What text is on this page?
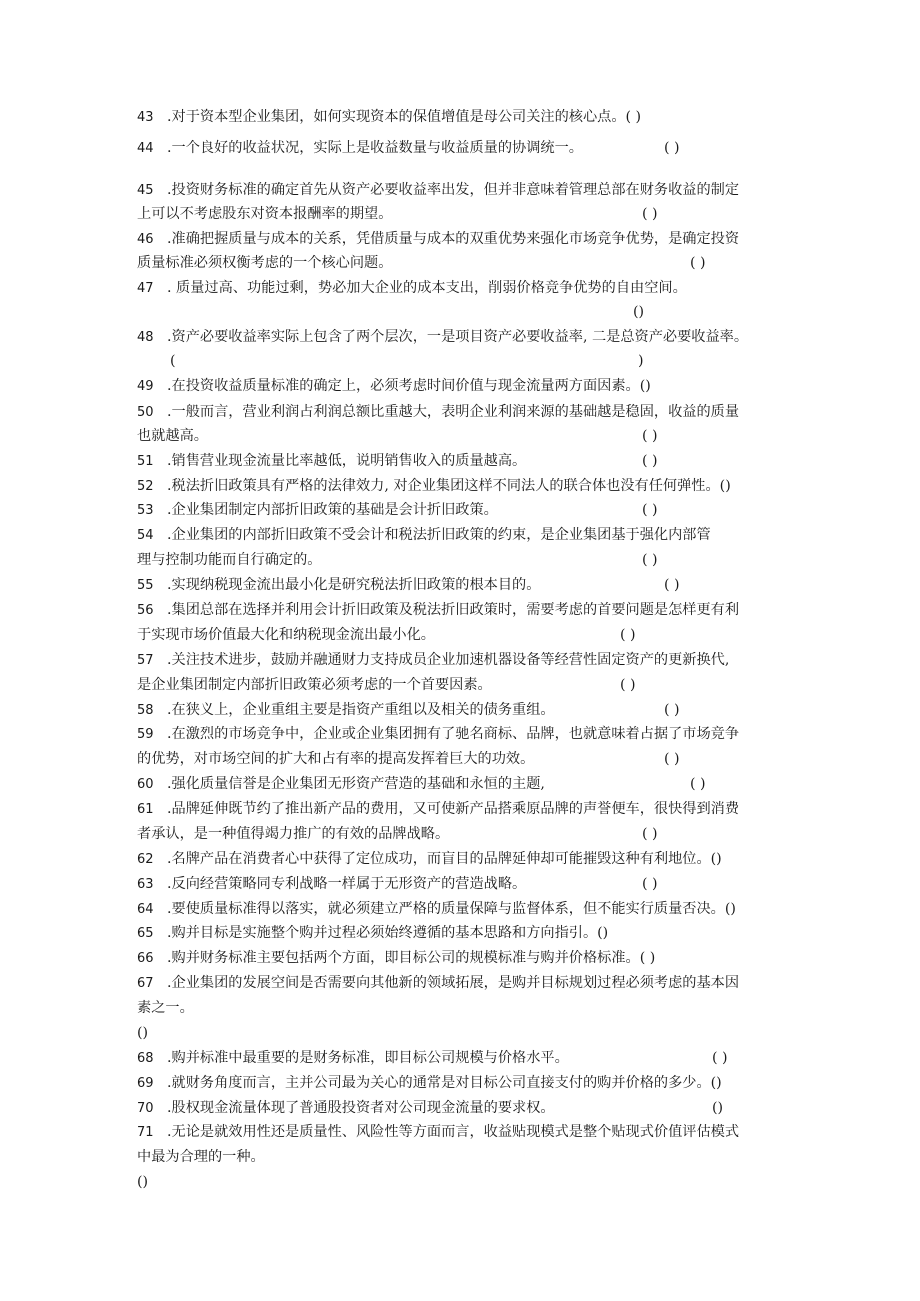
43 .对于资本型企业集团，如何实现资本的保值增值是母公司关注的核心点。( )
44 .一个良好的收益状况，实际上是收益数量与收益质量的协调统一。	( )
45 .投资财务标准的确定首先从资产必要收益率出发，但并非意味着管理总部在财务收益的制定
上可以不考虑股东对资本报酬率的期望。	( )
46 .准确把握质量与成本的关系，凭借质量与成本的双重优势来强化市场竞争优势，是确定投资
质量标准必须权衡考虑的一个核心问题。	( )
47 . 质量过高、功能过剩，势必加大企业的成本支出，削弱价格竞争优势的自由空间。
()
48 .资产必要收益率实际上包含了两个层次，一是项目资产必要收益率, 二是总资产必要收益率。
(	)
49 .在投资收益质量标准的确定上，必须考虑时间价值与现金流量两方面因素。()
50 .一般而言，营业利润占利润总额比重越大，表明企业利润来源的基础越是稳固，收益的质量
也就越高。	( )
51 .销售营业现金流量比率越低，说明销售收入的质量越高。	( )
52 .税法折旧政策具有严格的法律效力, 对企业集团这样不同法人的联合体也没有任何弹性。()
53 .企业集团制定内部折旧政策的基础是会计折旧政策。	( )
54 .企业集团的内部折旧政策不受会计和税法折旧政策的约束，是企业集团基于强化内部管
理与控制功能而自行确定的。	( )
55 .实现纳税现金流出最小化是研究税法折旧政策的根本目的。	( )
56 .集团总部在选择并利用会计折旧政策及税法折旧政策时，需要考虑的首要问题是怎样更有利
于实现市场价值最大化和纳税现金流出最小化。	( )
57 .关注技术进步，鼓励并融通财力支持成员企业加速机器设备等经营性固定资产的更新换代,
是企业集团制定内部折旧政策必须考虑的一个首要因素。	( )
58 .在狭义上，企业重组主要是指资产重组以及相关的债务重组。	( )
59 .在激烈的市场竞争中，企业或企业集团拥有了驰名商标、品牌，也就意味着占据了市场竞争
的优势，对市场空间的扩大和占有率的提高发挥着巨大的功效。	( )
60 .强化质量信誉是企业集团无形资产营造的基础和永恒的主题,	( )
61 .品牌延伸既节约了推出新产品的费用，又可使新产品搭乘原品牌的声誉便车，很快得到消费
者承认，是一种值得竭力推广的有效的品牌战略。	( )
62 .名牌产品在消费者心中获得了定位成功，而盲目的品牌延伸却可能摧毁这种有利地位。()
63 .反向经营策略同专利战略一样属于无形资产的营造战略。	( )
64 .要使质量标准得以落实，就必须建立严格的质量保障与监督体系，但不能实行质量否决。()
65 .购并目标是实施整个购并过程必须始终遵循的基本思路和方向指引。()
66 .购并财务标准主要包括两个方面，即目标公司的规模标准与购并价格标准。( )
67 .企业集团的发展空间是否需要向其他新的领域拓展，是购并目标规划过程必须考虑的基本因
素之一。
()
68 .购并标准中最重要的是财务标准，即目标公司规模与价格水平。	( )
69 .就财务角度而言，主并公司最为关心的通常是对目标公司直接支付的购并价格的多少。()
70 .股权现金流量体现了普通股投资者对公司现金流量的要求权。	()
71 .无论是就效用性还是质量性、风险性等方面而言，收益贴现模式是整个贴现式价值评估模式
中最为合理的一种。
()
